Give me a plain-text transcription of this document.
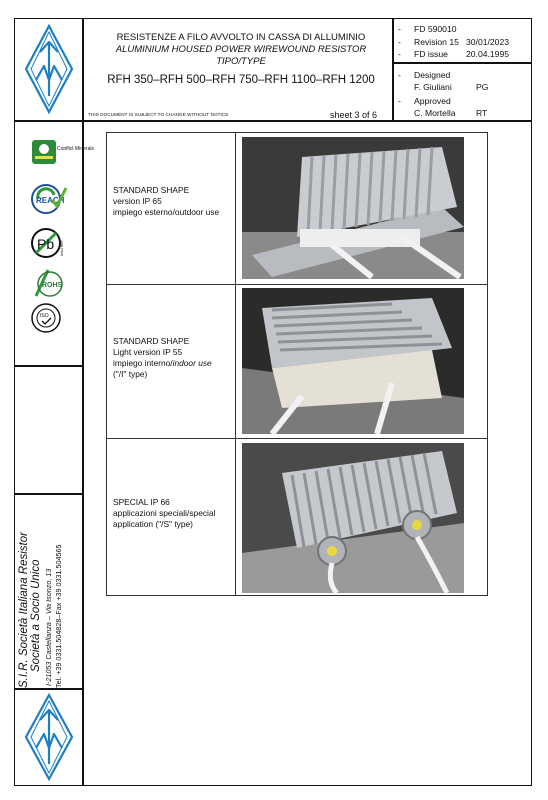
RESISTENZE A FILO AVVOLTO IN CASSA DI ALLUMINIO
ALUMINIUM HOUSED POWER WIREWOUND RESISTOR
TIPO/TYPE
RFH 350–RFH 500–RFH 750–RFH 1100–RFH 1200
THIS DOCUMENT IS SUBJECT TO CHANGE WITHOUT NOTICE	sheet 3 of 6
- FD 590010
- Revision 15 30/01/2023
- FD issue 20.04.1995
- Designed
F. Giuliani	PG
- Approved
C. Mortella RT
Conflict Minerals
REACH
Pb lead free
ROHS
ISO
S.I.R. Società Italiana Resistor Società a Socio Unico I-21053 Castellanza – Via Isonzo, 13 Tel. +39 0331.504828–Fax +39 0331.504565
STANDARD SHAPE
version IP 65
impiego esterno/outdoor use
STANDARD SHAPE
Light version IP 55
impiego interno/indoor use
("/I" type)
SPECIAL IP 66
applicazioni speciali/special
application ("/S" type)
